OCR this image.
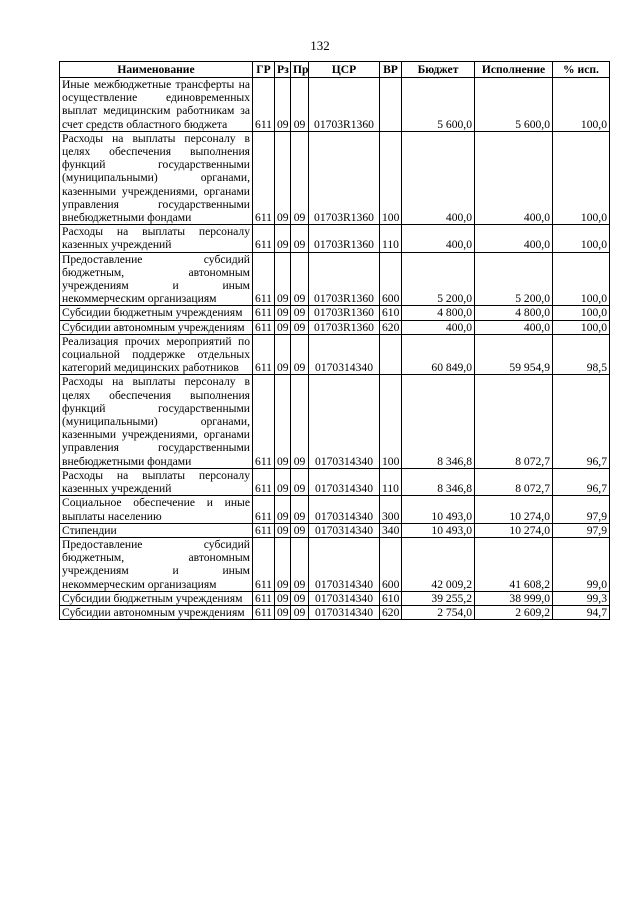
132
Наименование	ГР	Рз	Пр	ЦСР	ВР	Бюджет	Исполнение	% исп.
Иные межбюджетные трансферты на осуществление единовременных выплат медицинским работникам за счет средств областного бюджета	611	09	09	01703R1360		5 600,0	5 600,0	100,0
Расходы на выплаты персоналу в целях обеспечения выполнения функций государственными (муниципальными) органами, казенными учреждениями, органами управления государственными внебюджетными фондами	611	09	09	01703R1360	100	400,0	400,0	100,0
Расходы на выплаты персоналу казенных учреждений	611	09	09	01703R1360	110	400,0	400,0	100,0
Предоставление субсидий бюджетным, автономным учреждениям и иным некоммерческим организациям	611	09	09	01703R1360	600	5 200,0	5 200,0	100,0
Субсидии бюджетным учреждениям	611	09	09	01703R1360	610	4 800,0	4 800,0	100,0
Субсидии автономным учреждениям	611	09	09	01703R1360	620	400,0	400,0	100,0
Реализация прочих мероприятий по социальной поддержке отдельных категорий медицинских работников	611	09	09	0170314340		60 849,0	59 954,9	98,5
Расходы на выплаты персоналу в целях обеспечения выполнения функций государственными (муниципальными) органами, казенными учреждениями, органами управления государственными внебюджетными фондами	611	09	09	0170314340	100	8 346,8	8 072,7	96,7
Расходы на выплаты персоналу казенных учреждений	611	09	09	0170314340	110	8 346,8	8 072,7	96,7
Социальное обеспечение и иные выплаты населению	611	09	09	0170314340	300	10 493,0	10 274,0	97,9
Стипендии	611	09	09	0170314340	340	10 493,0	10 274,0	97,9
Предоставление субсидий бюджетным, автономным учреждениям и иным некоммерческим организациям	611	09	09	0170314340	600	42 009,2	41 608,2	99,0
Субсидии бюджетным учреждениям	611	09	09	0170314340	610	39 255,2	38 999,0	99,3
Субсидии автономным учреждениям	611	09	09	0170314340	620	2 754,0	2 609,2	94,7
